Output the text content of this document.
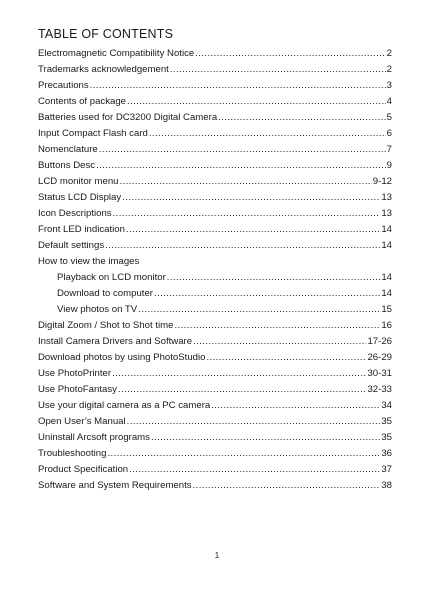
TABLE OF CONTENTS
Electromagnetic Compatibility Notice .....	2
Trademarks acknowledgement .....	2
Precautions .....	3
Contents of package .....	4
Batteries used for DC3200 Digital Camera .....	5
Input Compact Flash card .....	6
Nomenclature .....	7
Buttons Desc .....	9
LCD monitor menu .....	9-12
Status LCD Display .....	13
Icon Descriptions .....	13
Front LED indication .....	14
Default settings .....	14
How to view the images
Playback on LCD monitor .....	14
Download to computer .....	14
View photos on TV .....	15
Digital Zoom / Shot to Shot time .....	16
Install Camera Drivers and Software .....	17-26
Download photos by using PhotoStudio .....	26-29
Use PhotoPrinter .....	30-31
Use PhotoFantasy .....	32-33
Use your digital camera as a PC camera .....	34
Open User’s Manual .....	35
Uninstall Arcsoft programs .....	35
Troubleshooting .....	36
Product Specification .....	37
Software and System Requirements .....	38
1
